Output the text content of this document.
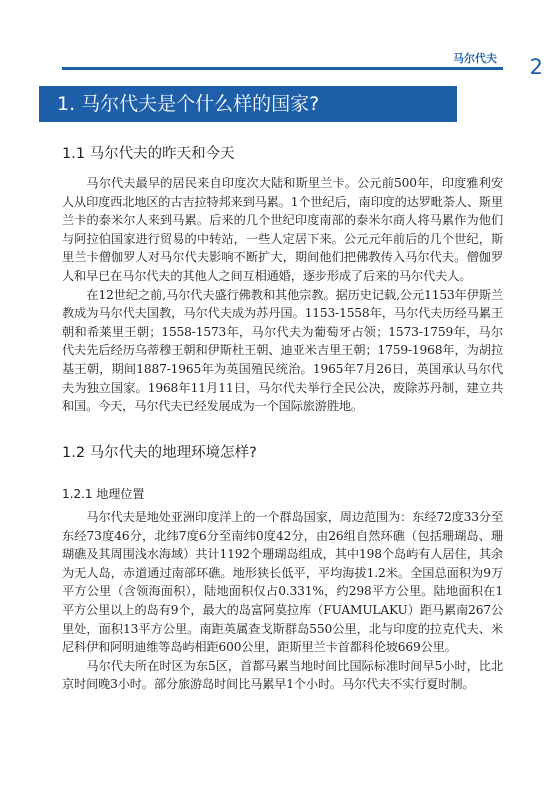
马尔代夫 2
1. 马尔代夫是个什么样的国家?
1.1 马尔代夫的昨天和今天

马尔代夫最早的居民来自印度次大陆和斯里兰卡。公元前500年，印度雅利安人从印度西北地区的古吉拉特邦来到马累。1个世纪后，南印度的达罗毗荼人、斯里兰卡的泰米尔人来到马累。后来的几个世纪印度南部的泰米尔商人将马累作为他们与阿拉伯国家进行贸易的中转站，一些人定居下来。公元元年前后的几个世纪，斯里兰卡僧伽罗人对马尔代夫影响不断扩大，期间他们把佛教传入马尔代夫。僧伽罗人和早已在马尔代夫的其他人之间互相通婚，逐步形成了后来的马尔代夫人。

在12世纪之前,马尔代夫盛行佛教和其他宗教。据历史记载,公元1153年伊斯兰教成为马尔代夫国教，马尔代夫成为苏丹国。1153-1558年，马尔代夫历经马累王朝和希莱里王朝；1558-1573年，马尔代夫为葡萄牙占领；1573-1759年，马尔代夫先后经历乌蒂穆王朝和伊斯杜王朝、迪亚米吉里王朝；1759-1968年，为胡拉基王朝，期间1887-1965年为英国殖民统治。1965年7月26日，英国承认马尔代夫为独立国家。1968年11月11日，马尔代夫举行全民公决，废除苏丹制，建立共和国。今天，马尔代夫已经发展成为一个国际旅游胜地。

1.2 马尔代夫的地理环境怎样?
1.2.1 地理位置

马尔代夫是地处亚洲印度洋上的一个群岛国家，周边范围为：东经72度33分至东经73度46分，北纬7度6分至南纬0度42分，由26组自然环礁（包括珊瑚岛、珊瑚礁及其周围浅水海域）共计1192个珊瑚岛组成，其中198个岛屿有人居住，其余为无人岛，赤道通过南部环礁。地形狭长低平，平均海拔1.2米。全国总面积为9万平方公里（含领海面积），陆地面积仅占0.331%，约298平方公里。陆地面积在1平方公里以上的岛有9个，最大的岛富阿莫拉库（FUAMULAKU）距马累南267公里处，面积13平方公里。南距英属查戈斯群岛550公里，北与印度的拉克代夫、米尼科伊和阿明迪维等岛屿相距600公里，距斯里兰卡首都科伦坡669公里。

马尔代夫所在时区为东5区，首都马累当地时间比国际标准时间早5小时，比北京时间晚3小时。部分旅游岛时间比马累早1个小时。马尔代夫不实行夏时制。
